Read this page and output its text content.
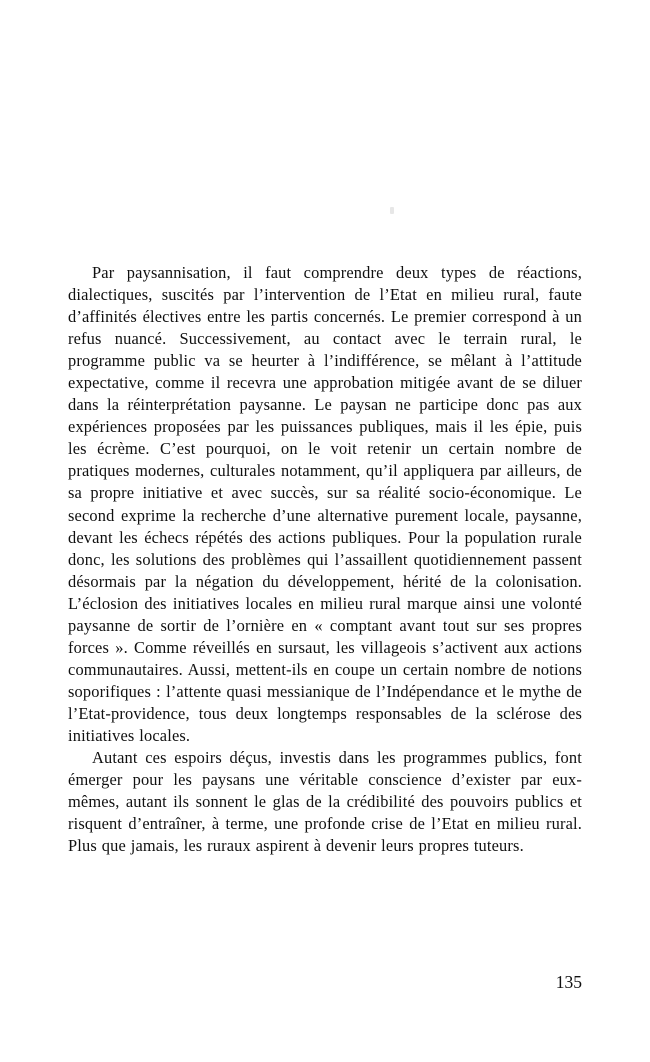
Par paysannisation, il faut comprendre deux types de réactions, dialectiques, suscités par l’intervention de l’Etat en milieu rural, faute d’affinités électives entre les partis concernés. Le premier correspond à un refus nuancé. Successivement, au contact avec le terrain rural, le programme public va se heurter à l’indifférence, se mêlant à l’attitude expectative, comme il recevra une approbation mitigée avant de se diluer dans la réinterprétation paysanne. Le paysan ne participe donc pas aux expériences proposées par les puissances publiques, mais il les épie, puis les écrème. C’est pourquoi, on le voit retenir un certain nombre de pratiques modernes, culturales notamment, qu’il appliquera par ailleurs, de sa propre initiative et avec succès, sur sa réalité socio-économique. Le second exprime la recherche d’une alternative purement locale, paysanne, devant les échecs répétés des actions publiques. Pour la population rurale donc, les solutions des problèmes qui l’assaillent quotidiennement passent désormais par la négation du développement, hérité de la colonisation. L’éclosion des initiatives locales en milieu rural marque ainsi une volonté paysanne de sortir de l’ornière en « comptant avant tout sur ses propres forces ». Comme réveillés en sursaut, les villageois s’activent aux actions communautaires. Aussi, mettent-ils en coupe un certain nombre de notions soporifiques : l’attente quasi messianique de l’Indépendance et le mythe de l’Etat-providence, tous deux longtemps responsables de la sclérose des initiatives locales.

Autant ces espoirs déçus, investis dans les programmes publics, font émerger pour les paysans une véritable conscience d’exister par eux-mêmes, autant ils sonnent le glas de la crédibilité des pouvoirs publics et risquent d’entraîner, à terme, une profonde crise de l’Etat en milieu rural. Plus que jamais, les ruraux aspirent à devenir leurs propres tuteurs.

135
